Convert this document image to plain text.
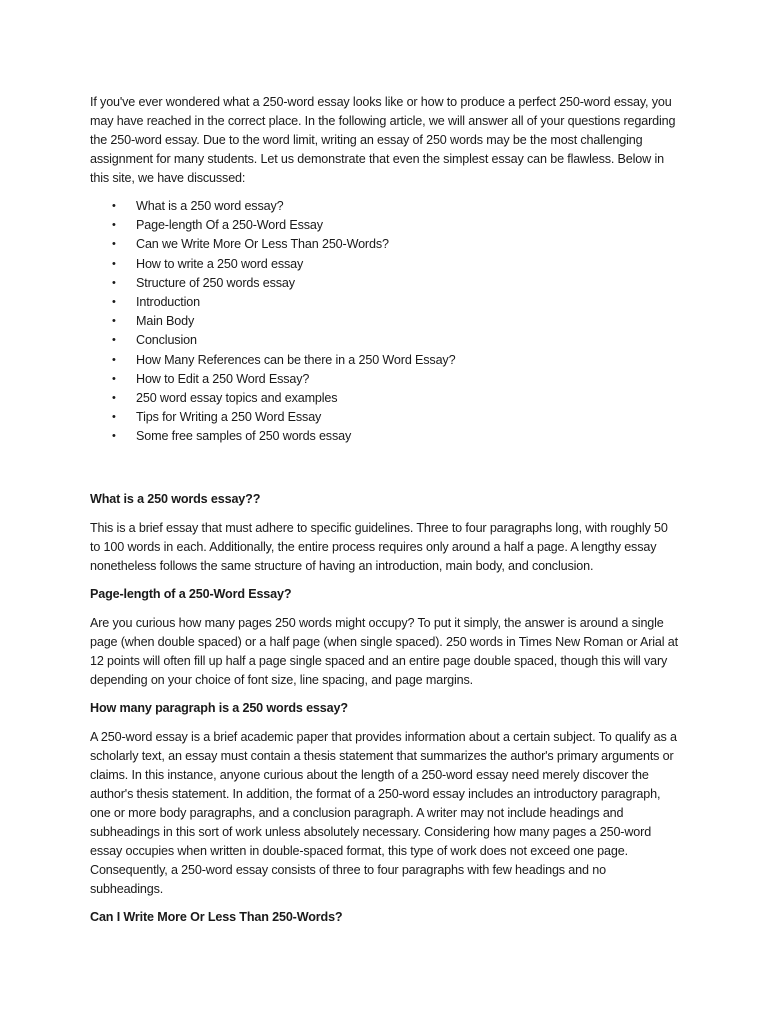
If you've ever wondered what a 250-word essay looks like or how to produce a perfect 250-word essay, you may have reached in the correct place. In the following article, we will answer all of your questions regarding the 250-word essay. Due to the word limit, writing an essay of 250 words may be the most challenging assignment for many students. Let us demonstrate that even the simplest essay can be flawless. Below in this site, we have discussed:

• What is a 250 word essay?
• Page-length Of a 250-Word Essay
• Can we Write More Or Less Than 250-Words?
• How to write a 250 word essay
• Structure of 250 words essay
• Introduction
• Main Body
• Conclusion
• How Many References can be there in a 250 Word Essay?
• How to Edit a 250 Word Essay?
• 250 word essay topics and examples
• Tips for Writing a 250 Word Essay
• Some free samples of 250 words essay

What is a 250 words essay??

This is a brief essay that must adhere to specific guidelines. Three to four paragraphs long, with roughly 50 to 100 words in each. Additionally, the entire process requires only around a half a page. A lengthy essay nonetheless follows the same structure of having an introduction, main body, and conclusion.

Page-length of a 250-Word Essay?

Are you curious how many pages 250 words might occupy? To put it simply, the answer is around a single page (when double spaced) or a half page (when single spaced). 250 words in Times New Roman or Arial at 12 points will often fill up half a page single spaced and an entire page double spaced, though this will vary depending on your choice of font size, line spacing, and page margins.

How many paragraph is a 250 words essay?

A 250-word essay is a brief academic paper that provides information about a certain subject. To qualify as a scholarly text, an essay must contain a thesis statement that summarizes the author's primary arguments or claims. In this instance, anyone curious about the length of a 250-word essay need merely discover the author's thesis statement. In addition, the format of a 250-word essay includes an introductory paragraph, one or more body paragraphs, and a conclusion paragraph. A writer may not include headings and subheadings in this sort of work unless absolutely necessary. Considering how many pages a 250-word essay occupies when written in double-spaced format, this type of work does not exceed one page. Consequently, a 250-word essay consists of three to four paragraphs with few headings and no subheadings.

Can I Write More Or Less Than 250-Words?
